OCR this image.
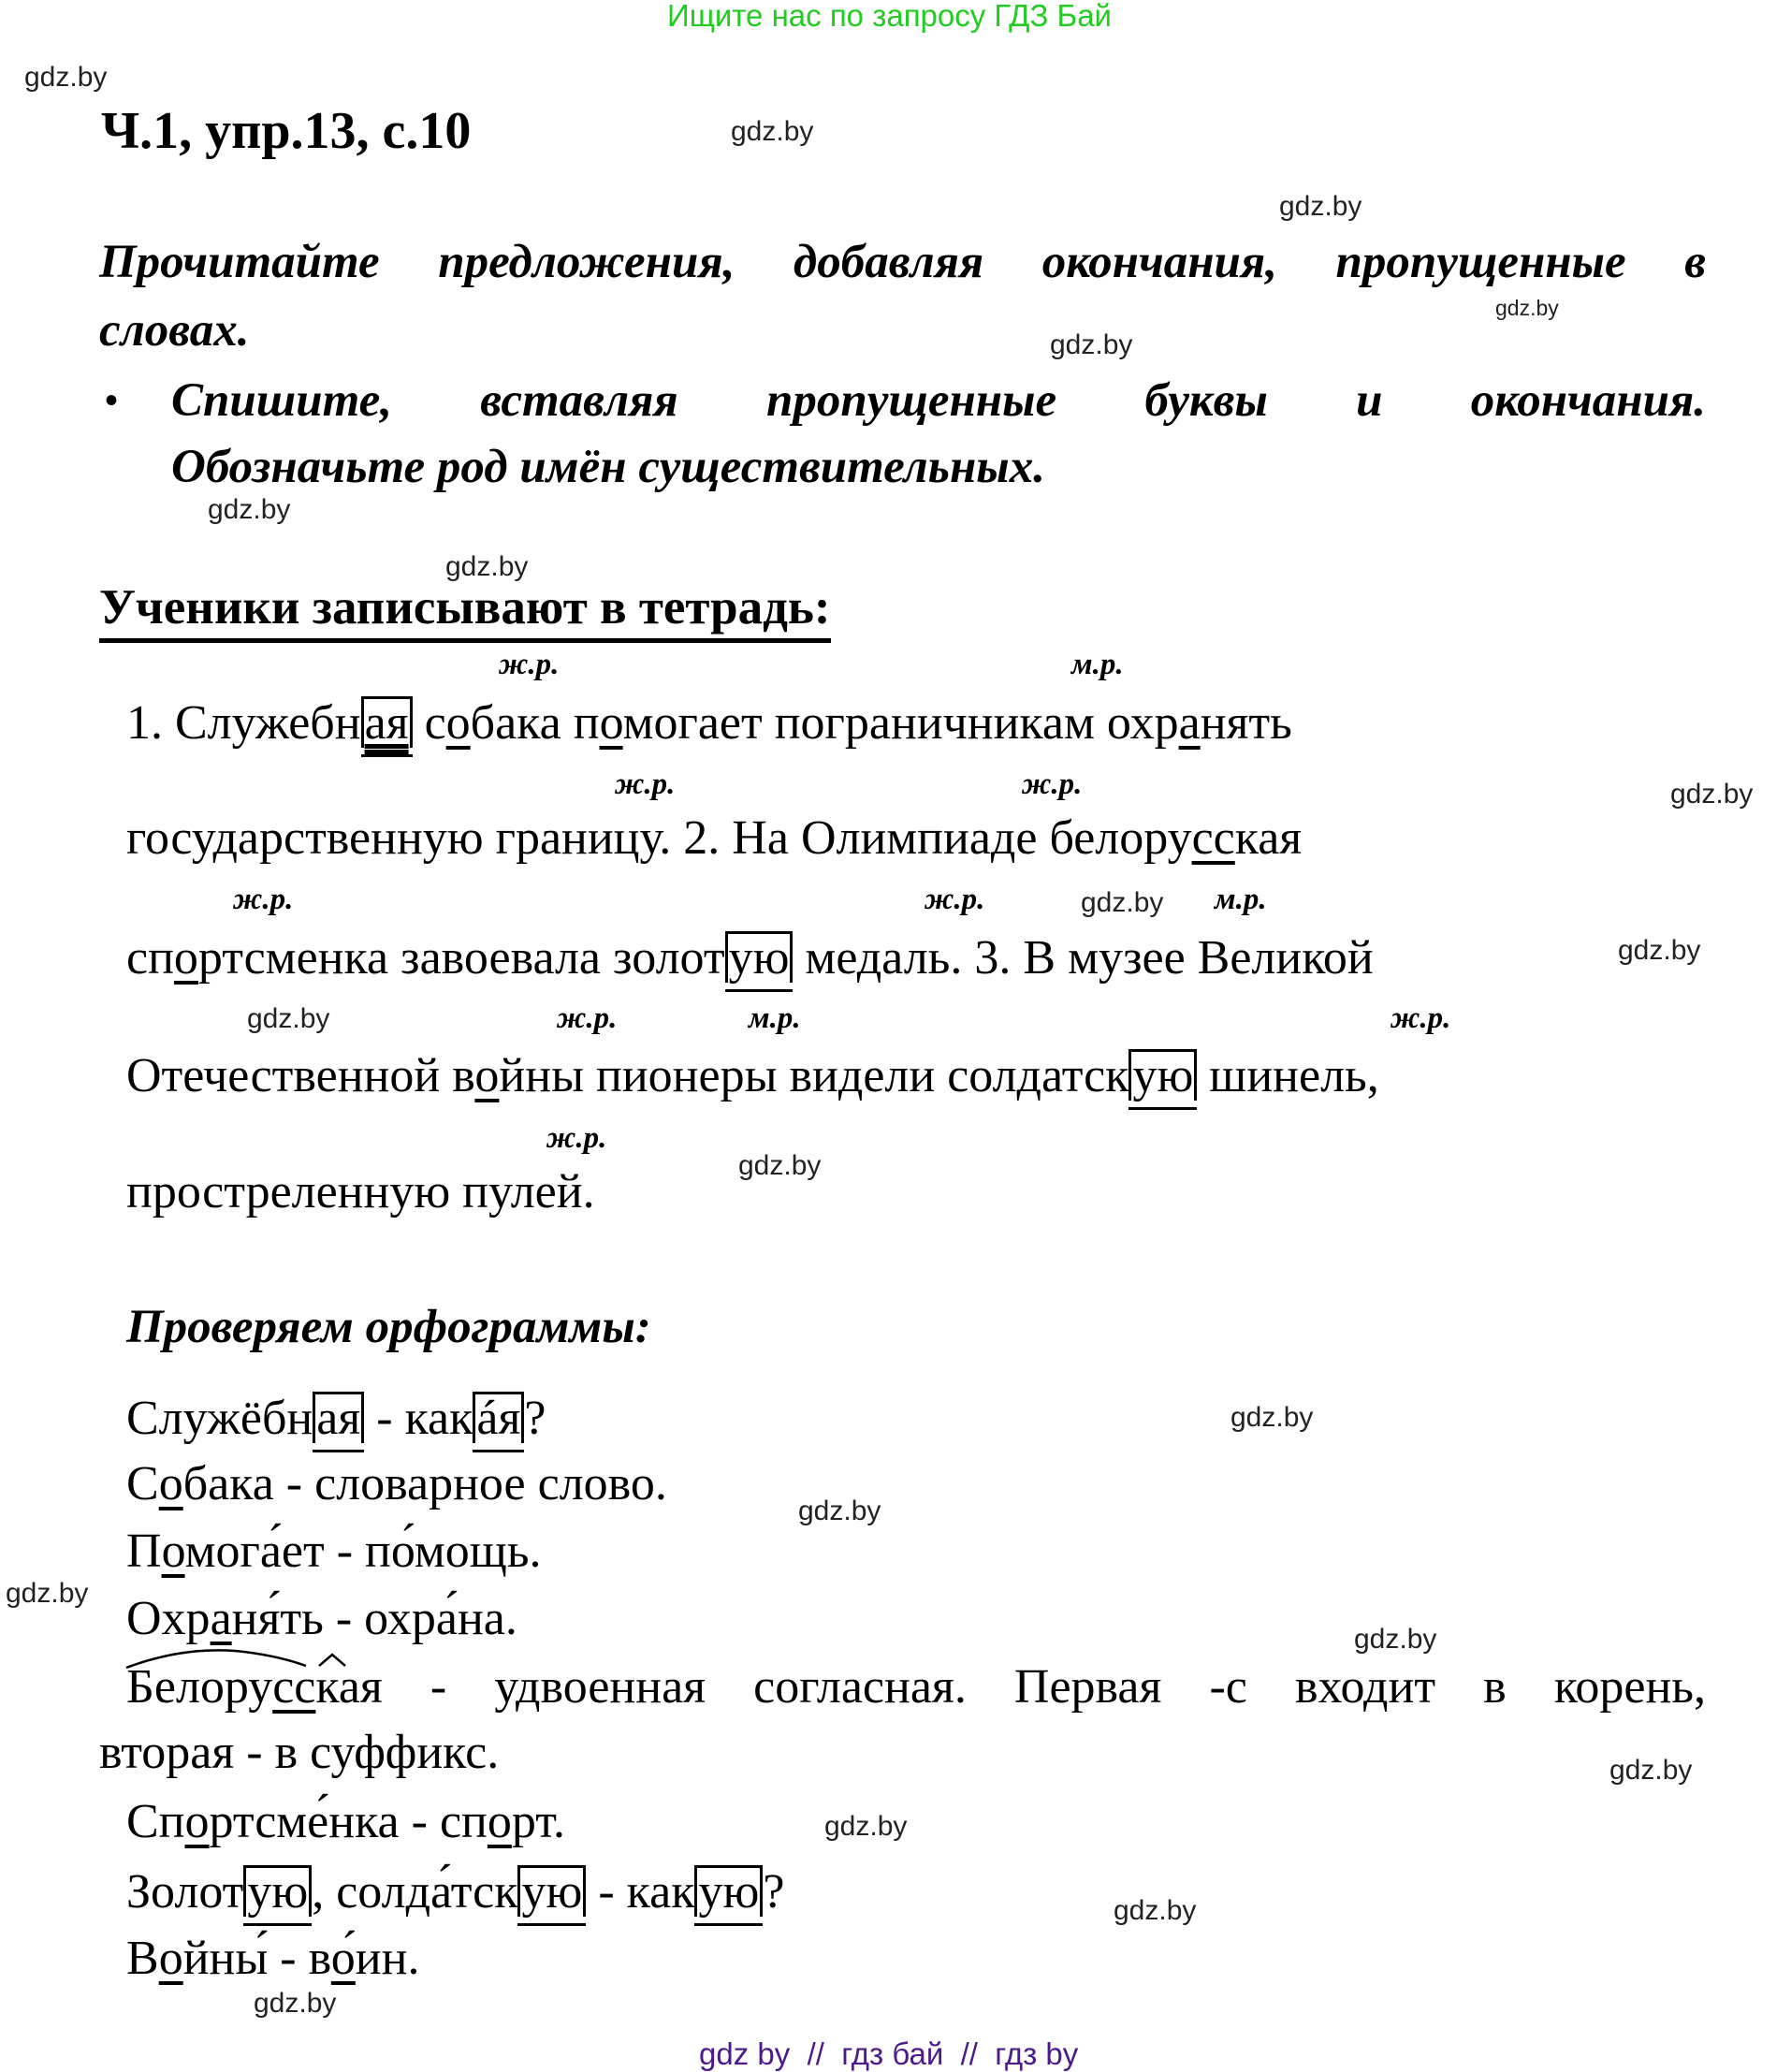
Ищите нас по запросу ГДЗ Бай
gdz.by
gdz.by
gdz.by
gdz.by
gdz.by
gdz.by
gdz.by
gdz.by
gdz.by
gdz.by
gdz.by
gdz.by
gdz.by
gdz.by
gdz.by
gdz.by
gdz.by
gdz.by
gdz.by
gdz.by
Ч.1, упр.13, с.10
Прочитайте предложения, добавляя окончания, пропущенные в
словах.
• Спишите, вставляя пропущенные буквы и окончания.
Обозначьте род имён существительных.
Ученики записывают в тетрадь:
ж.р.	м.р.
ж.р.	ж.р.
ж.р.	ж.р.	м.р.
ж.р.	м.р.	ж.р.
ж.р.
1. Служебная собака помогает пограничникам охранять
государственную границу. 2. На Олимпиаде белорусская
спортсменка завоевала золотую медаль. 3. В музее Великой
Отечественной войны пионеры видели солдатскую шинель,
простреленную пулей.
Проверяем орфограммы:
Служёбная - какáя?
Собака - словарное слово.
Помога́ет - по́мощь.
Охраня́ть - охра́на.
Белорусская - удвоенная согласная. Первая -с входит в корень,
вторая - в суффикс.
Спортсме́нка - спорт.
Золотую, солда́тскую - какую?
Войны́ - во́ин.
gdz by  //  гдз бай  //  гдз by
